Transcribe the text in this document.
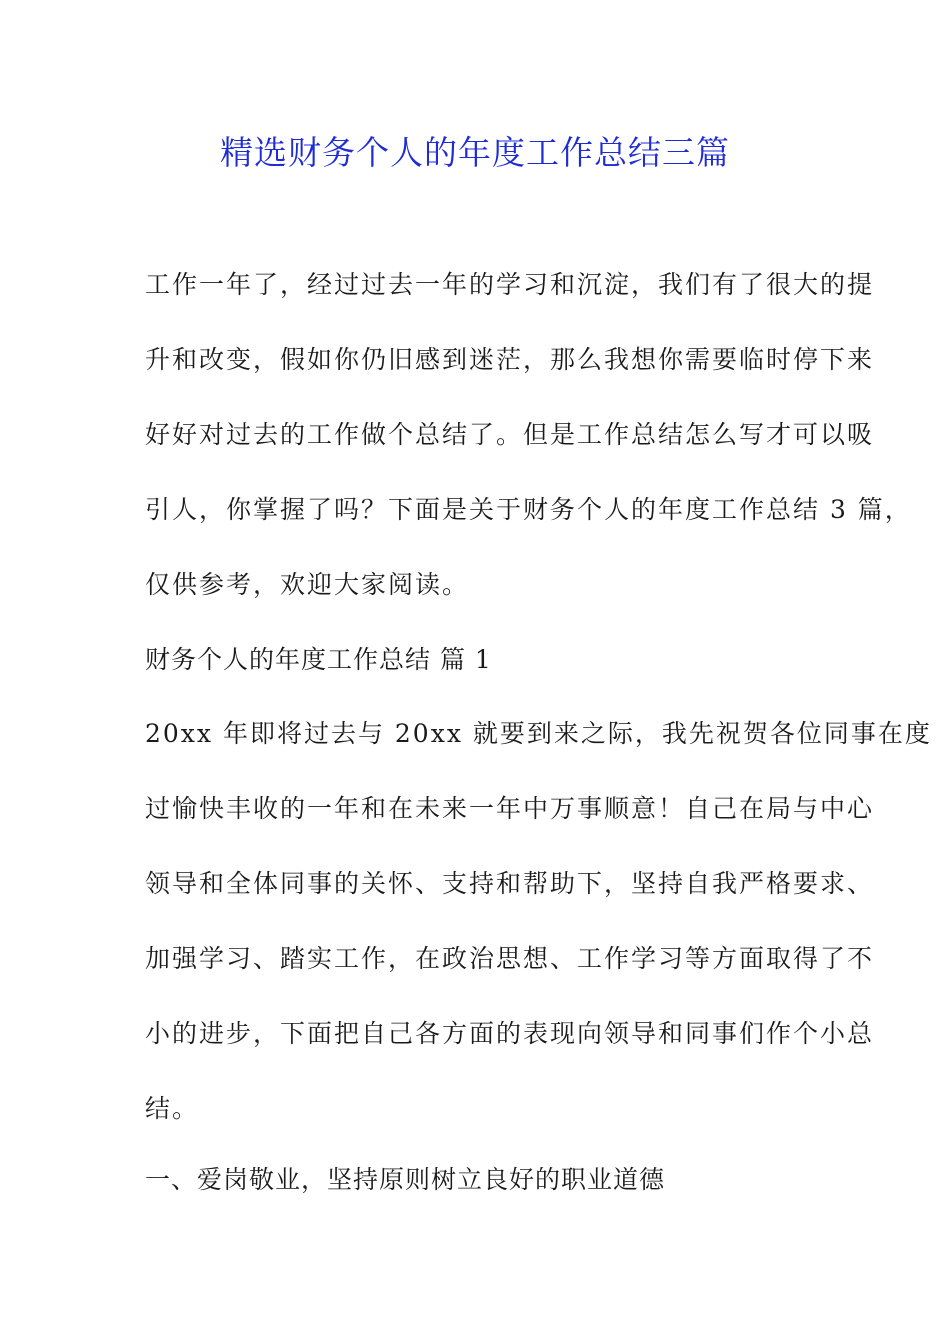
精选财务个人的年度工作总结三篇
工作一年了，经过过去一年的学习和沉淀，我们有了很大的提
升和改变，假如你仍旧感到迷茫，那么我想你需要临时停下来
好好对过去的工作做个总结了。但是工作总结怎么写才可以吸
引人，你掌握了吗？下面是关于财务个人的年度工作总结 3 篇，
仅供参考，欢迎大家阅读。

财务个人的年度工作总结 篇 1

20xx 年即将过去与 20xx 就要到来之际，我先祝贺各位同事在度
过愉快丰收的一年和在未来一年中万事顺意！自己在局与中心
领导和全体同事的关怀、支持和帮助下，坚持自我严格要求、
加强学习、踏实工作，在政治思想、工作学习等方面取得了不
小的进步，下面把自己各方面的表现向领导和同事们作个小总
结。

一、爱岗敬业，坚持原则树立良好的职业道德
